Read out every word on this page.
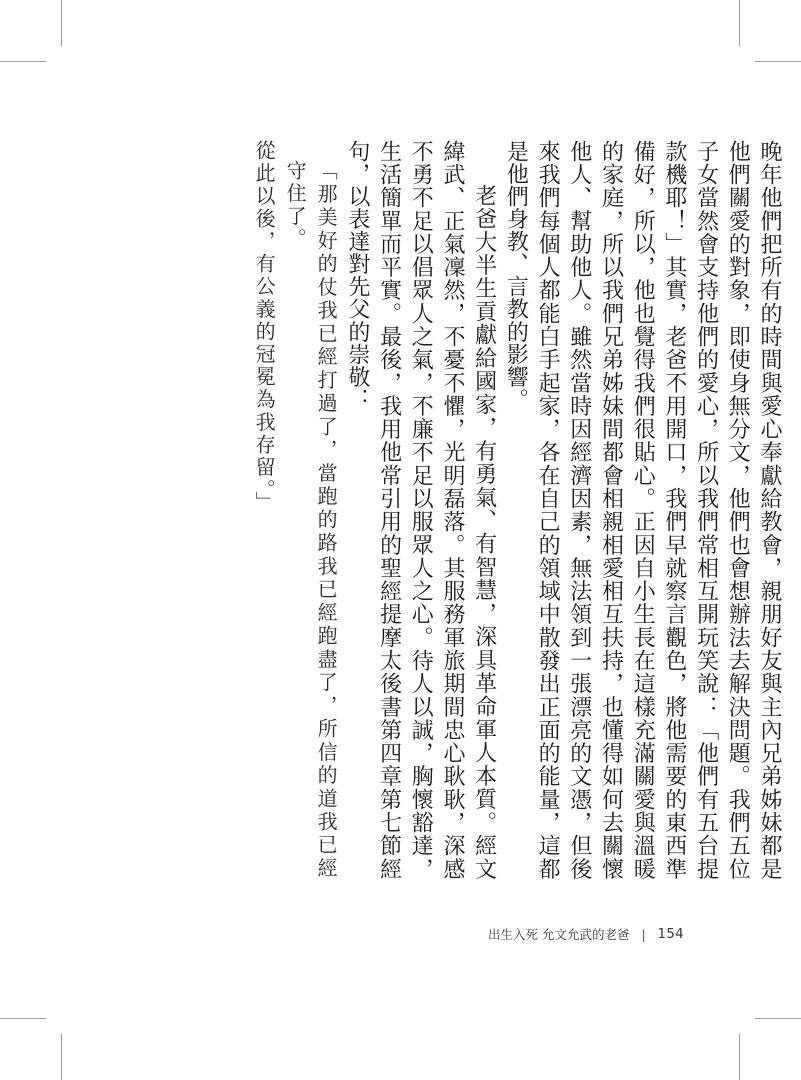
晚年他們把所有的時間與愛心奉獻給教會，親朋好友與主內兄弟姊妹都是他們關愛的對象，即使身無分文，他們也會想辦法去解決問題。我們五位子女當然會支持他們的愛心，所以我們常相互開玩笑說：「他們有五台提款機耶！」其實，老爸不用開口，我們早就察言觀色，將他需要的東西準備好，所以，他也覺得我們很貼心。正因自小生長在這樣充滿關愛與溫暖的家庭，所以我們兄弟姊妹間都會相親相愛相互扶持，也懂得如何去關懷他人、幫助他人。雖然當時因經濟因素，無法領到一張漂亮的文憑，但後來我們每個人都能白手起家，各在自己的領域中散發出正面的能量，這都是他們身教、言教的影響。

老爸大半生貢獻給國家，有勇氣、有智慧，深具革命軍人本質。經文緯武、正氣凜然，不憂不懼，光明磊落。其服務軍旅期間忠心耿耿，深感不勇不足以倡眾人之氣，不廉不足以服眾人之心。待人以誠，胸懷豁達，生活簡單而平實。最後，我用他常引用的聖經提摩太後書第四章第七節經句，以表達對先父的崇敬：

「那美好的仗我已經打過了，當跑的路我已經跑盡了，所信的道我已經守住了。

從此以後，有公義的冠冕為我存留。」

出生入死 允文允武的老爸 | 154
